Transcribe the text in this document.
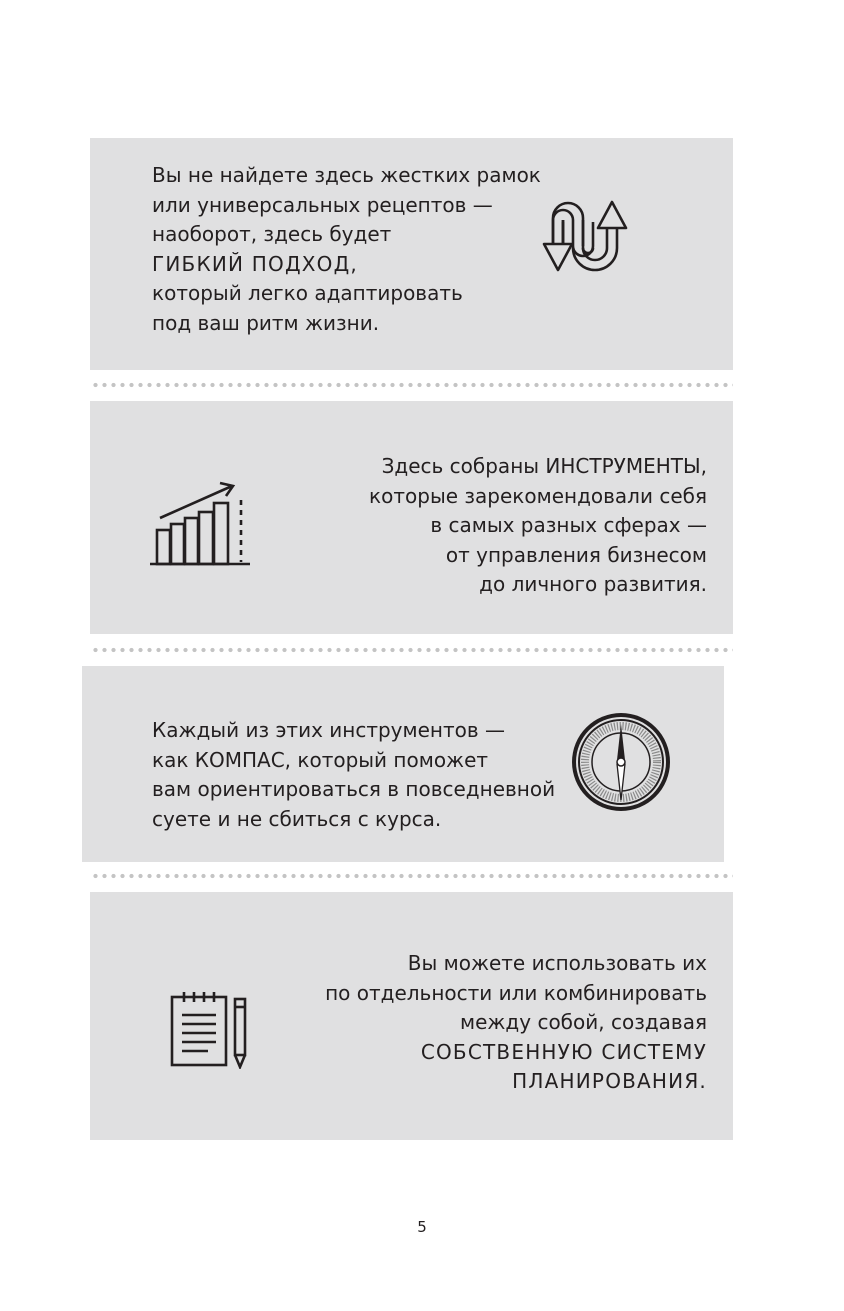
Вы не найдете здесь жестких рамок
или универсальных рецептов —
наоборот, здесь будет
ГИБКИЙ ПОДХОД,
который легко адаптировать
под ваш ритм жизни.
Здесь собраны ИНСТРУМЕНТЫ,
которые зарекомендовали себя
в самых разных сферах —
от управления бизнесом
до личного развития.
Каждый из этих инструментов —
как КОМПАС, который поможет
вам ориентироваться в повседневной
суете и не сбиться с курса.
Вы можете использовать их
по отдельности или комбинировать
между собой, создавая
СОБСТВЕННУЮ СИСТЕМУ
ПЛАНИРОВАНИЯ.
5
